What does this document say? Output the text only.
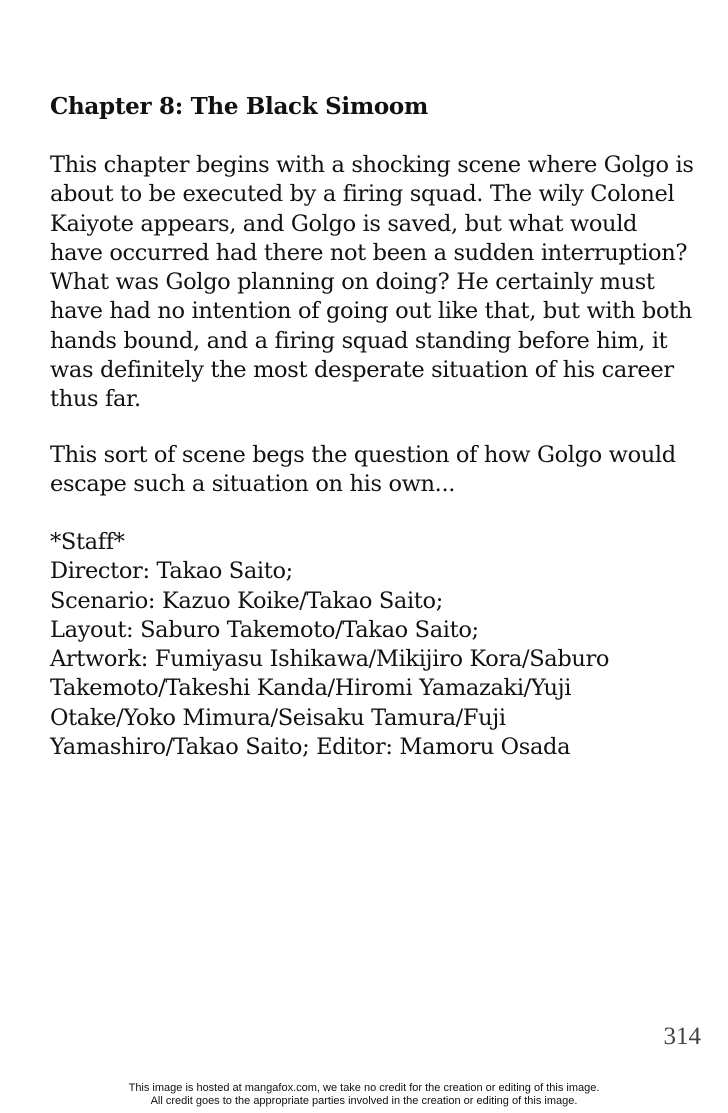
Chapter 8: The Black Simoom
This chapter begins with a shocking scene where Golgo is
about to be executed by a firing squad. The wily Colonel
Kaiyote appears, and Golgo is saved, but what would
have occurred had there not been a sudden interruption?
What was Golgo planning on doing? He certainly must
have had no intention of going out like that, but with both
hands bound, and a firing squad standing before him, it
was definitely the most desperate situation of his career
thus far.
This sort of scene begs the question of how Golgo would
escape such a situation on his own...
*Staff*
Director: Takao Saito;
Scenario: Kazuo Koike/Takao Saito;
Layout: Saburo Takemoto/Takao Saito;
Artwork: Fumiyasu Ishikawa/Mikijiro Kora/Saburo
Takemoto/Takeshi Kanda/Hiromi Yamazaki/Yuji
Otake/Yoko Mimura/Seisaku Tamura/Fuji
Yamashiro/Takao Saito; Editor: Mamoru Osada
314
This image is hosted at mangafox.com, we take no credit for the creation or editing of this image.
All credit goes to the appropriate parties involved in the creation or editing of this image.
